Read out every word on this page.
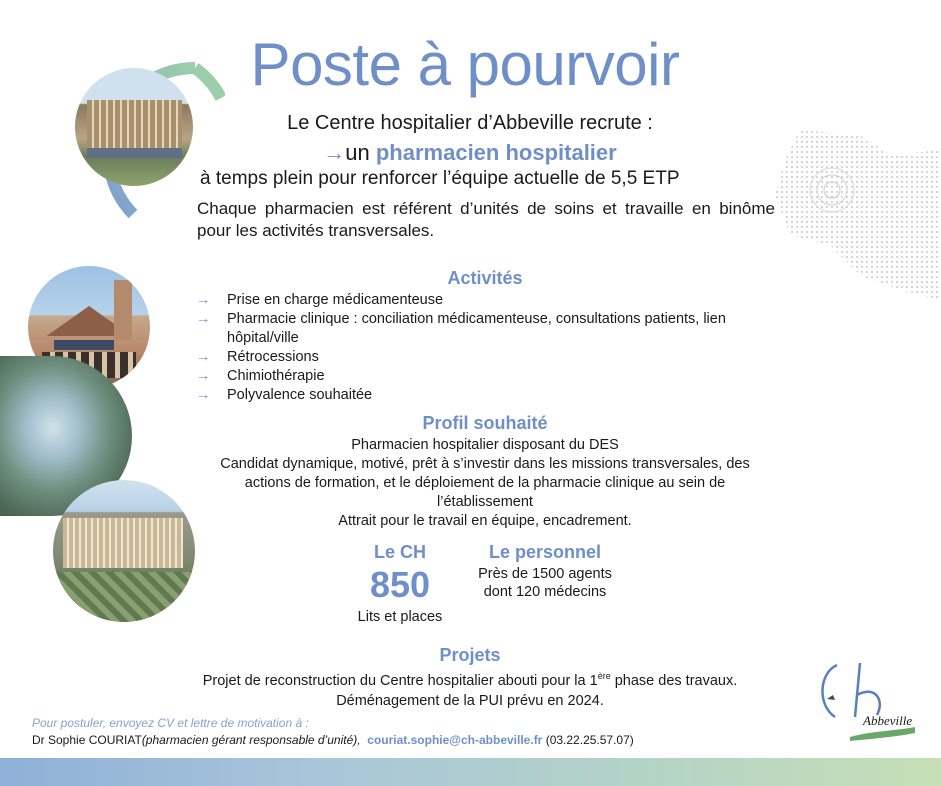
Poste à pourvoir
Le Centre hospitalier d’Abbeville recrute :
→un pharmacien hospitalier
à temps plein pour renforcer l’équipe actuelle de 5,5 ETP
Chaque pharmacien est référent d’unités de soins et travaille en binôme pour les activités transversales.
Activités
→ Prise en charge médicamenteuse
→ Pharmacie clinique : conciliation médicamenteuse, consultations patients, lien hôpital/ville
→ Rétrocessions
→ Chimiothérapie
→ Polyvalence souhaitée
Profil souhaité
Pharmacien hospitalier disposant du DES
Candidat dynamique, motivé, prêt à s’investir dans les missions transversales, des actions de formation, et le déploiement de la pharmacie clinique au sein de l’établissement
Attrait pour le travail en équipe, encadrement.
Le CH
850
Lits et places
Le personnel
Près de 1500 agents
dont 120 médecins
Projets
Projet de reconstruction du Centre hospitalier abouti pour la 1ère phase des travaux.
Déménagement de la PUI prévu en 2024.
Pour postuler, envoyez CV et lettre de motivation à :
Dr Sophie COURIAT(pharmacien gérant responsable d’unité), couriat.sophie@ch-abbeville.fr (03.22.25.57.07)
Abbeville
